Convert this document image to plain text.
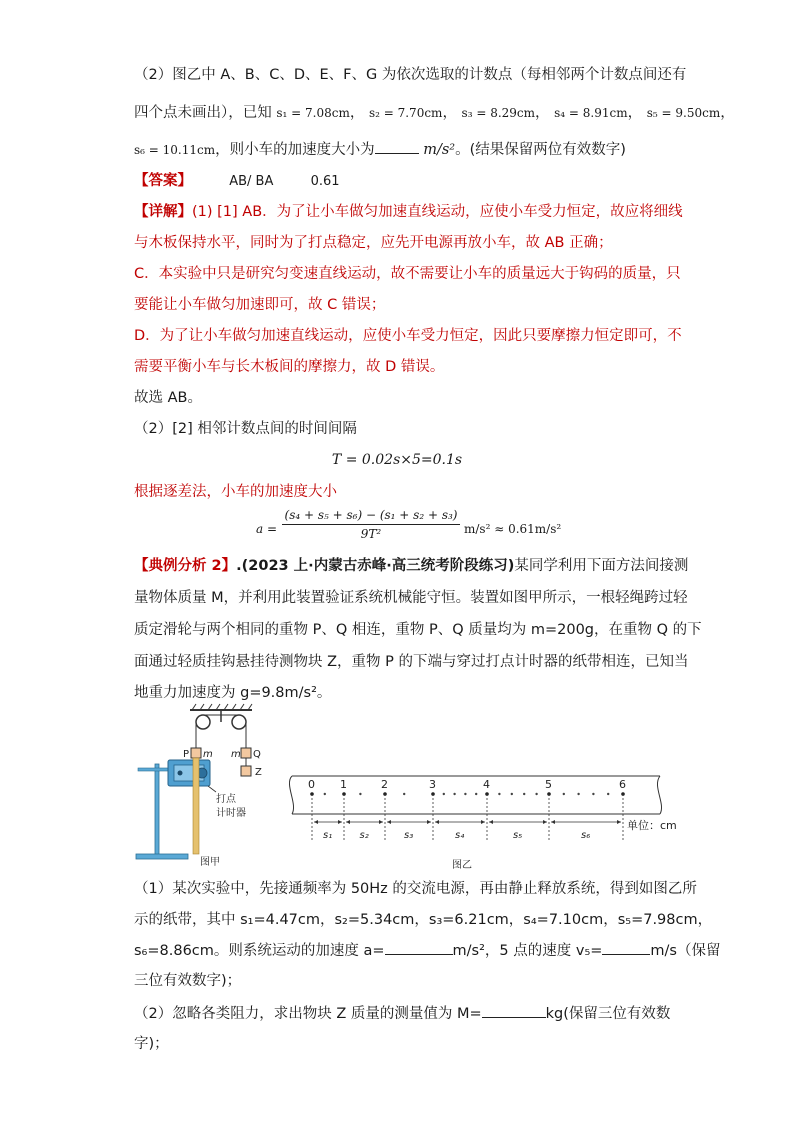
（2）图乙中 A、B、C、D、E、F、G 为依次选取的计数点（每相邻两个计数点间还有
四个点未画出），已知 s₁ = 7.08cm， s₂ = 7.70cm， s₃ = 8.29cm， s₄ = 8.91cm， s₅ = 9.50cm，
s₆ = 10.11cm，则小车的加速度大小为	m/s²。(结果保留两位有效数字)
【答案】	AB/ BA	0.61
【详解】(1) [1] AB．为了让小车做匀加速直线运动，应使小车受力恒定，故应将细线
与木板保持水平，同时为了打点稳定，应先开电源再放小车，故 AB 正确；
C．本实验中只是研究匀变速直线运动，故不需要让小车的质量远大于钩码的质量，只
要能让小车做匀加速即可，故 C 错误；
D．为了让小车做匀加速直线运动，应使小车受力恒定，因此只要摩擦力恒定即可，不
需要平衡小车与长木板间的摩擦力，故 D 错误。
故选 AB。
（2）[2] 相邻计数点间的时间间隔
T = 0.02s×5=0.1s
根据逐差法，小车的加速度大小
a =
(s₄ + s₅ + s₆) − (s₁ + s₂ + s₃)
9T²	m/s² ≈ 0.61m/s²
【典例分析 2】.(2023 上·内蒙古赤峰·高三统考阶段练习)某同学利用下面方法间接测
量物体质量 M，并利用此装置验证系统机械能守恒。装置如图甲所示，一根轻绳跨过轻
质定滑轮与两个相同的重物 P、Q 相连，重物 P、Q 质量均为 m=200g，在重物 Q 的下
面通过轻质挂钩悬挂待测物块 Z，重物 P 的下端与穿过打点计时器的纸带相连，已知当
地重力加速度为 g=9.8m/s²。
P m m Q
Z
打点
计时器
图甲
0 1	2	3	4	5	6
s₁	s₂	s₃	s₄	s₅	s₆
图乙
单位：cm
（1）某次实验中，先接通频率为 50Hz 的交流电源，再由静止释放系统，得到如图乙所
示的纸带，其中 s₁=4.47cm，s₂=5.34cm，s₃=6.21cm，s₄=7.10cm，s₅=7.98cm，
s₆=8.86cm。则系统运动的加速度 a=	m/s²，5 点的速度 v₅=	m/s（保留
三位有效数字)；
（2）忽略各类阻力，求出物块 Z 质量的测量值为 M=	kg(保留三位有效数
字)；
